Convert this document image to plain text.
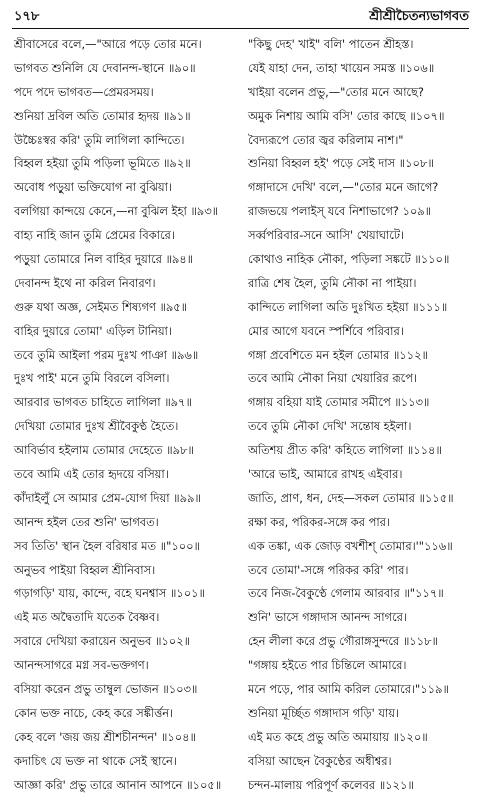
১৭৮	শ্রীশ্রীচৈতন্যভাগবত
শ্রীবাসেরে বলে,—"আরে পড়ে তোর মনে।
ভাগবত শুনিলি যে দেবানন্দ-স্থানে ॥৯০॥
পদে পদে ভাগবত—প্রেমরসময়।
শুনিয়া দ্রবিল অতি তোমার হৃদয় ॥৯১॥
উচ্চৈঃস্বর করি' তুমি লাগিলা কান্দিতে।
বিহ্বল হইয়া তুমি পড়িলা ভূমিতে ॥৯২॥
অবোধ পড়ুয়া ভক্তিযোগ না বুঝিয়া।
বলগিয়া কান্দয়ে কেনে,—না বুঝিল ইহা ॥৯৩॥
বাহ্য নাহি জান তুমি প্রেমের বিকারে।
পড়ুয়া তোমারে নিল বাহির দুয়ারে ॥৯৪॥
দেবানন্দ ইথে না করিল নিবারণ।
গুরু যথা অজ্ঞ, সেইমত শিষ্যগণ ॥৯৫॥
বাহির দুয়ারে তোমা' এড়িল টানিয়া।
তবে তুমি আইলা পরম দুঃখ পাঞা ॥৯৬॥
দুঃখ পাই' মনে তুমি বিরলে বসিলা।
আরবার ভাগবত চাহিতে লাগিলা ॥৯৭॥
দেখিয়া তোমার দুঃখ শ্রীবৈকুণ্ঠ হৈতে।
আবির্ভাব হইলাম তোমার দেহেতে ॥৯৮॥
তবে আমি এই তোর হৃদয়ে বসিয়া।
কাঁদাইলুঁ সে আমার প্রেম-যোগ দিয়া ॥৯৯॥
আনন্দ হইল তের শুনি' ভাগবত।
সব তিতি' স্থান হৈল বরিষার মত ॥"১০০॥
অনুভব পাইয়া বিহ্বল শ্রীনিবাস।
গড়াগড়ি' যায়, কান্দে, বহে ঘনশ্বাস ॥১০১॥
এই মত অদ্বৈতাদি যতেক বৈষ্ণব।
সবারে দেখিয়া করায়েন অনুভব ॥১০২॥
আনন্দসাগরে মগ্ন সব-ভক্তগণ।
বসিয়া করেন প্রভু তাম্বুল ভোজন ॥১০৩॥
কোন ভক্ত নাচে, কেহ করে সঙ্কীর্ত্তন।
কেহ বলে 'জয় জয় শ্রীশচীনন্দন' ॥১০৪॥
কদাচিৎ যে ভক্ত না থাকে সেই স্থানে।
আজ্ঞা করি' প্রভু তারে আনান আপনে ॥১০৫॥
"কিছু দেহ' খাই" বলি' পাতেন শ্রীহস্ত।
যেই যাহা দেন, তাহা খায়েন সমস্ত ॥১০৬॥
খাইয়া বলেন প্রভু,—"তোর মনে আছে?
অমুক নিশায় আমি বসি' তোর কাছে ॥১০৭॥
বৈদ্যরূপে তোর জ্বর করিলাম নাশ।"
শুনিয়া বিহ্বল হই' পড়ে সেই দাস ॥১০৮॥
গঙ্গাদাসে দেখি' বলে,—"তোর মনে জাগে?
রাজভয়ে পলাইস্ যবে নিশাভাগে? ১০৯॥
সর্ব্বপরিবার-সনে আসি' খেয়াঘাটে।
কোথাও নাহিক নৌকা, পড়িলা সঙ্কটে ॥১১০॥
রাত্রি শেষ হৈল, তুমি নৌকা না পাইয়া।
কান্দিতে লাগিলা অতি দুঃখিত হইয়া ॥১১১॥
মোর আগে যবনে স্পর্শিবে পরিবার।
গঙ্গা প্রবেশিতে মন হইল তোমার ॥১১২॥
তবে আমি নৌকা নিয়া খেয়ারির রূপে।
গঙ্গায় বহিয়া যাই তোমার সমীপে ॥১১৩॥
তবে তুমি নৌকা দেখি' সন্তোষ হইলা।
অতিশয় প্রীত করি' কহিতে লাগিলা ॥১১৪॥
'আরে ভাই, আমারে রাখহ এইবার।
জাতি, প্রাণ, ধন, দেহ—সকল তোমার ॥১১৫॥
রক্ষা কর, পরিকর-সঙ্গে কর পার।
এক তঙ্কা, এক জোড় বখশীশ্ তোমার।'"১১৬॥
তবে তোমা'-সঙ্গে পরিকর করি' পার।
তবে নিজ-বৈকুণ্ঠে গেলাম আরবার ॥"১১৭॥
শুনি' ভাসে গঙ্গাদাস আনন্দ সাগরে।
হেন লীলা করে প্রভু গৌরাঙ্গসুন্দরে ॥১১৮॥
"গঙ্গায় হইতে পার চিন্তিলে আমারে।
মনে পড়ে, পার আমি করিল তোমারে।"১১৯॥
শুনিয়া মূর্চ্ছিত গঙ্গাদাস গড়ি' যায়।
এই মত কহে প্রভু অতি অমায়ায় ॥১২০॥
বসিয়া আছেন বৈকুণ্ঠের অধীশ্বর।
চন্দন-মালায় পরিপূর্ণ কলেবর ॥১২১॥
